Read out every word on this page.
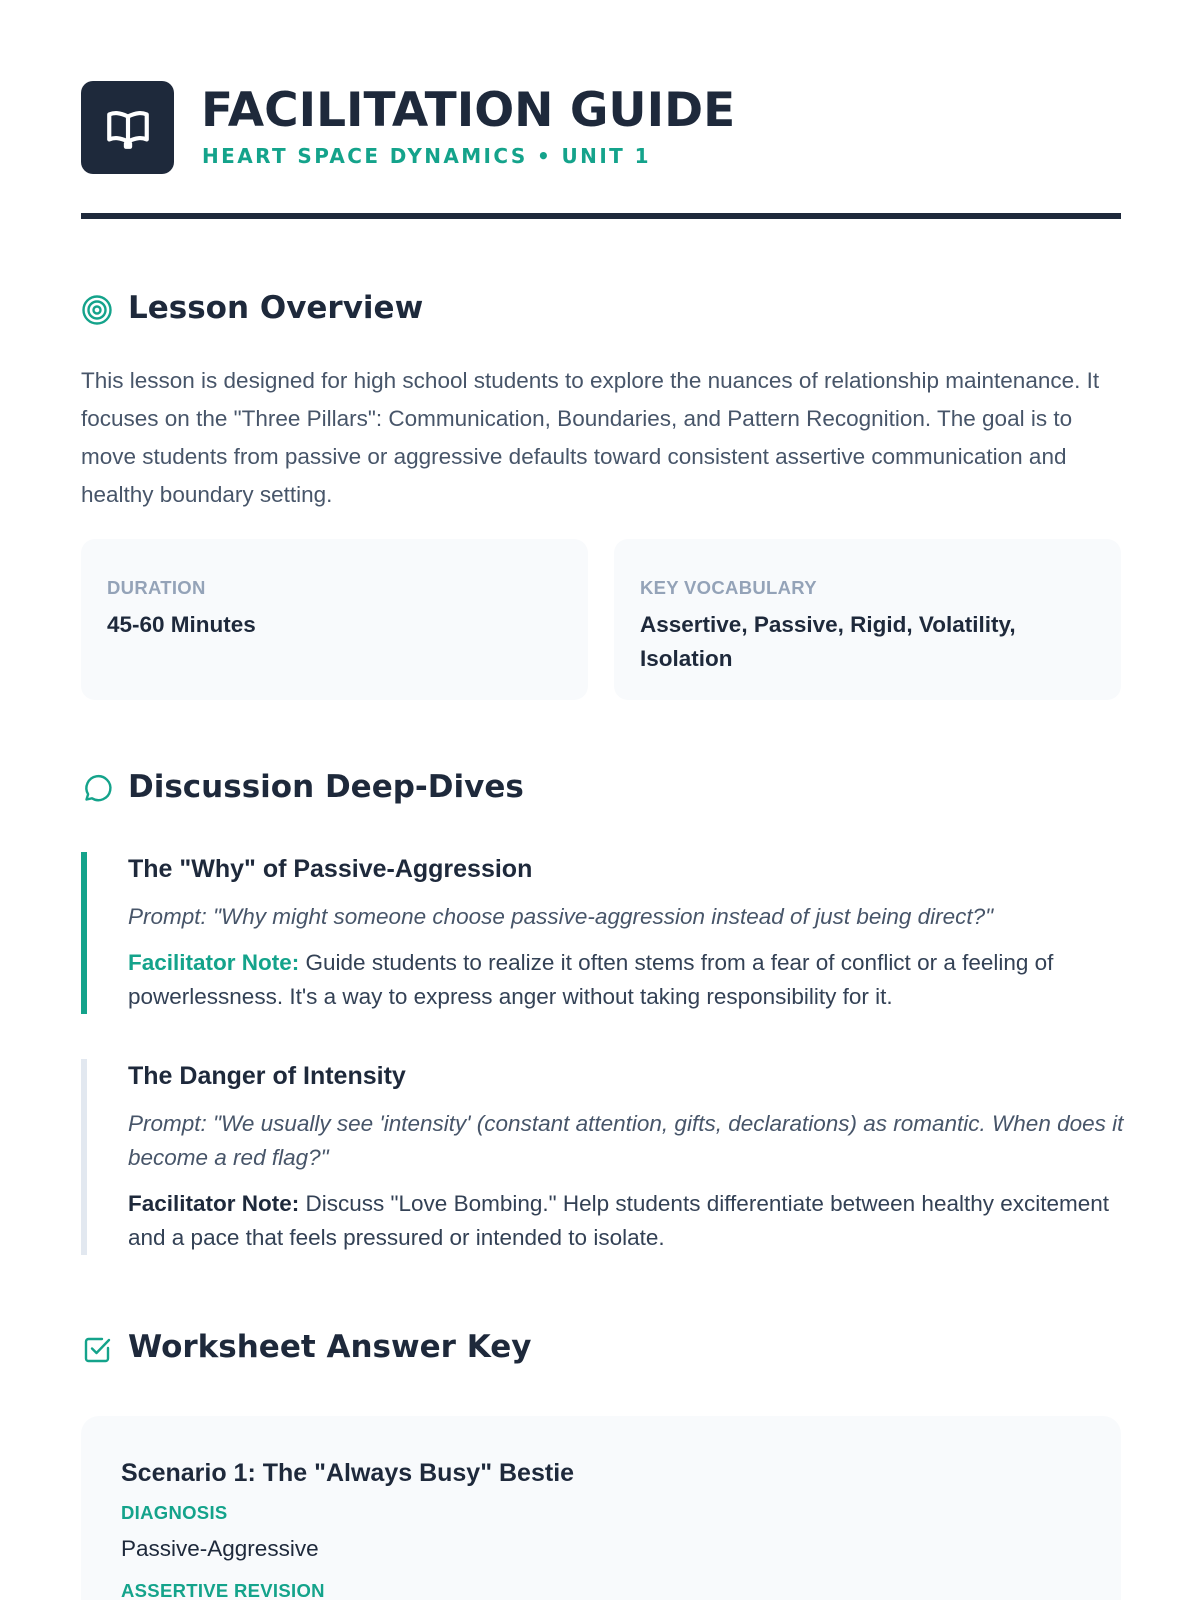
FACILITATION GUIDE
HEART SPACE DYNAMICS • UNIT 1
Lesson Overview
This lesson is designed for high school students to explore the nuances of relationship maintenance. It focuses on the "Three Pillars": Communication, Boundaries, and Pattern Recognition. The goal is to move students from passive or aggressive defaults toward consistent assertive communication and healthy boundary setting.
DURATION
45-60 Minutes
KEY VOCABULARY
Assertive, Passive, Rigid, Volatility, Isolation
Discussion Deep-Dives
The "Why" of Passive-Aggression
Prompt: "Why might someone choose passive-aggression instead of just being direct?"
Facilitator Note: Guide students to realize it often stems from a fear of conflict or a feeling of powerlessness. It's a way to express anger without taking responsibility for it.
The Danger of Intensity
Prompt: "We usually see 'intensity' (constant attention, gifts, declarations) as romantic. When does it become a red flag?"
Facilitator Note: Discuss "Love Bombing." Help students differentiate between healthy excitement and a pace that feels pressured or intended to isolate.
Worksheet Answer Key
Scenario 1: The "Always Busy" Bestie
DIAGNOSIS
Passive-Aggressive
ASSERTIVE REVISION
